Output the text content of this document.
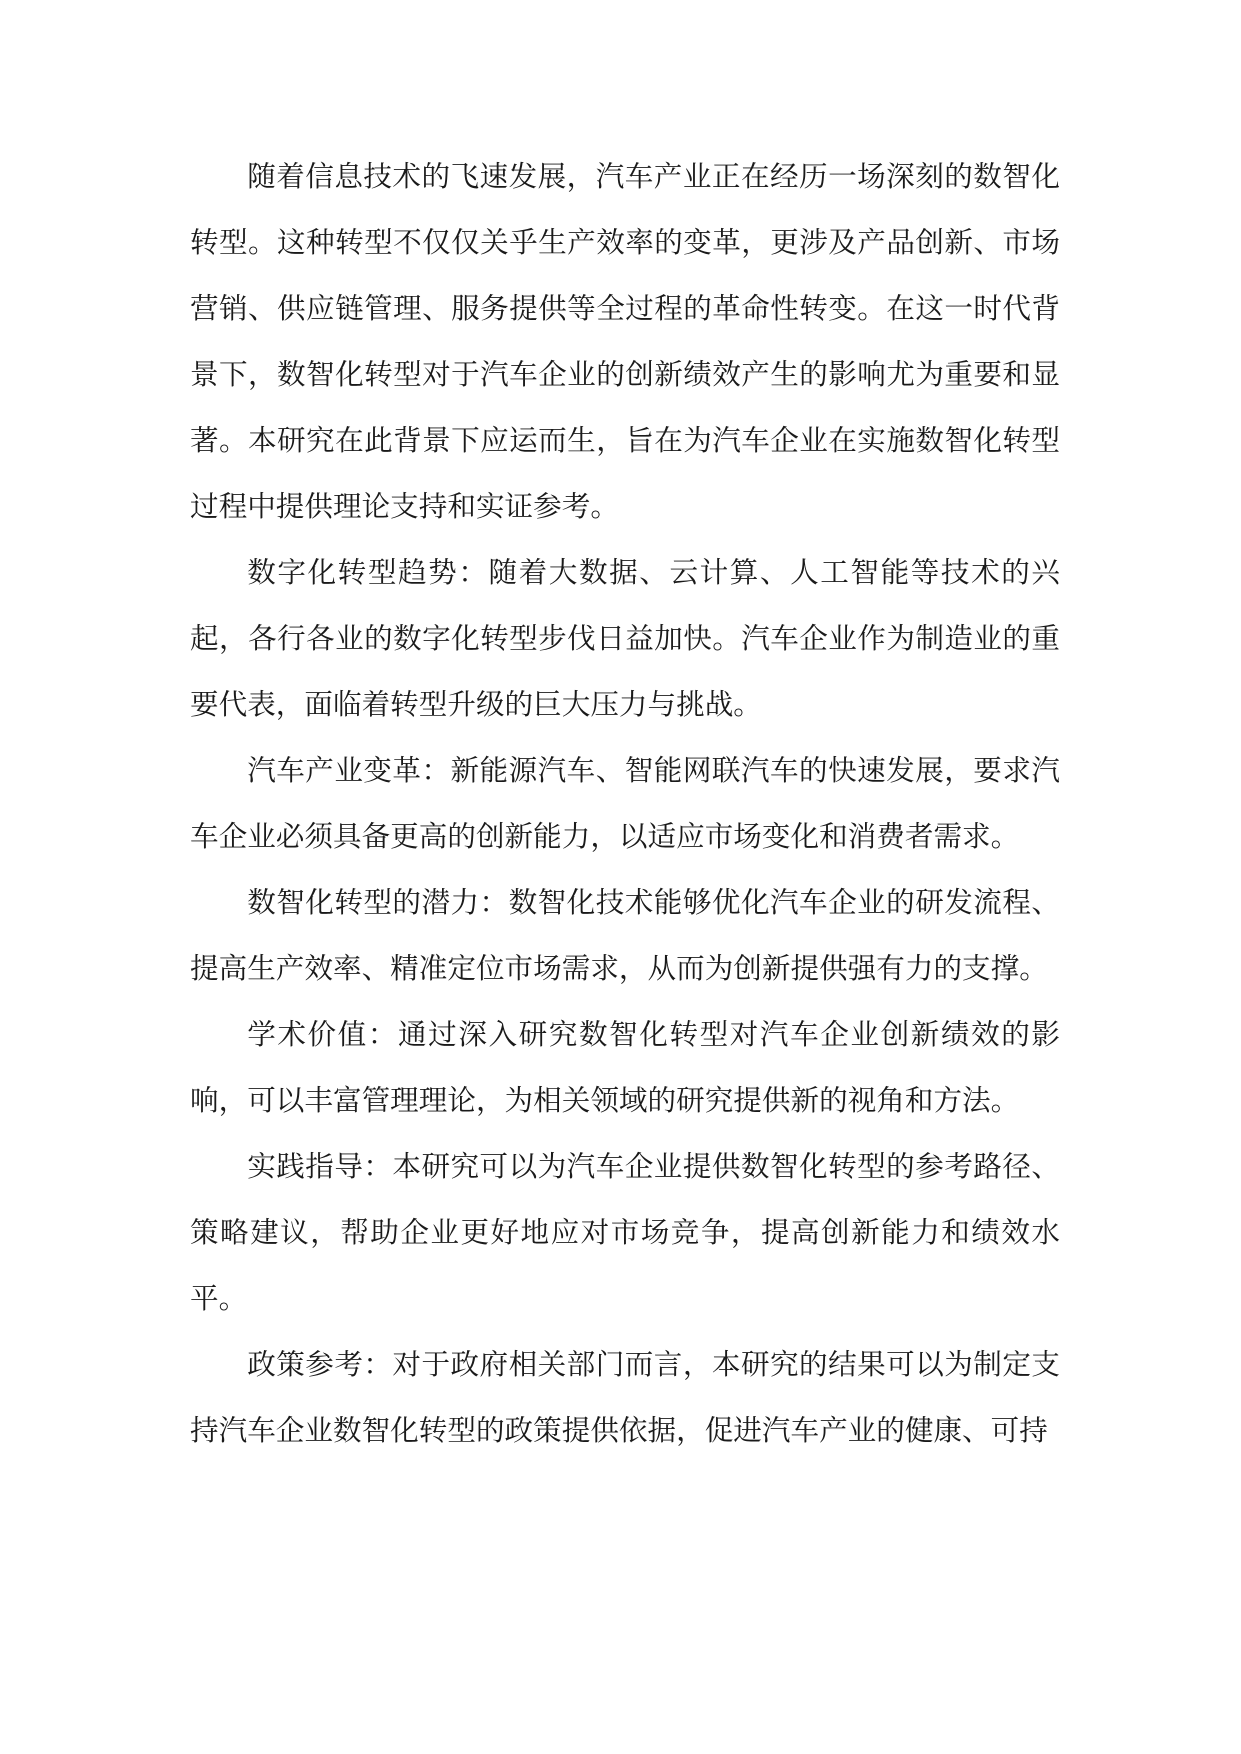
随着信息技术的飞速发展，汽车产业正在经历一场深刻的数智化转型。这种转型不仅仅关乎生产效率的变革，更涉及产品创新、市场营销、供应链管理、服务提供等全过程的革命性转变。在这一时代背景下，数智化转型对于汽车企业的创新绩效产生的影响尤为重要和显著。本研究在此背景下应运而生，旨在为汽车企业在实施数智化转型过程中提供理论支持和实证参考。

数字化转型趋势：随着大数据、云计算、人工智能等技术的兴起，各行各业的数字化转型步伐日益加快。汽车企业作为制造业的重要代表，面临着转型升级的巨大压力与挑战。

汽车产业变革：新能源汽车、智能网联汽车的快速发展，要求汽车企业必须具备更高的创新能力，以适应市场变化和消费者需求。

数智化转型的潜力：数智化技术能够优化汽车企业的研发流程、提高生产效率、精准定位市场需求，从而为创新提供强有力的支撑。

学术价值：通过深入研究数智化转型对汽车企业创新绩效的影响，可以丰富管理理论，为相关领域的研究提供新的视角和方法。

实践指导：本研究可以为汽车企业提供数智化转型的参考路径、策略建议，帮助企业更好地应对市场竞争，提高创新能力和绩效水平。

政策参考：对于政府相关部门而言，本研究的结果可以为制定支持汽车企业数智化转型的政策提供依据，促进汽车产业的健康、可持
